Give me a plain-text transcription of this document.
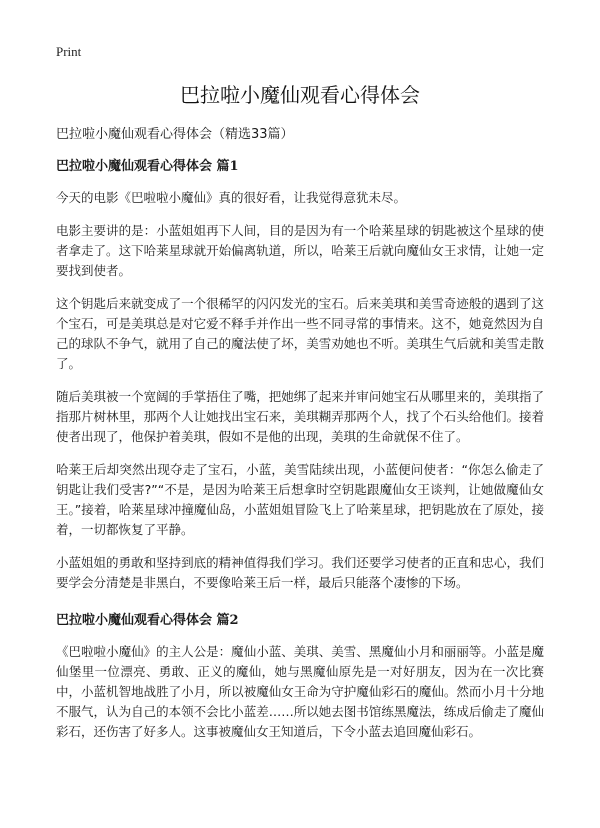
Print
巴拉啦小魔仙观看心得体会
巴拉啦小魔仙观看心得体会（精选33篇）
巴拉啦小魔仙观看心得体会 篇1

今天的电影《巴啦啦小魔仙》真的很好看，让我觉得意犹未尽。

电影主要讲的是：小蓝姐姐再下人间，目的是因为有一个哈莱星球的钥匙被这个星球的使者拿走了。这下哈莱星球就开始偏离轨道，所以，哈莱王后就向魔仙女王求情，让她一定要找到使者。

这个钥匙后来就变成了一个很稀罕的闪闪发光的宝石。后来美琪和美雪奇迹般的遇到了这个宝石，可是美琪总是对它爱不释手并作出一些不同寻常的事情来。这不，她竟然因为自己的球队不争气，就用了自己的魔法使了坏，美雪劝她也不听。美琪生气后就和美雪走散了。

随后美琪被一个宽阔的手掌捂住了嘴，把她绑了起来并审问她宝石从哪里来的，美琪指了指那片树林里，那两个人让她找出宝石来，美琪糊弄那两个人，找了个石头给他们。接着使者出现了，他保护着美琪，假如不是他的出现，美琪的生命就保不住了。

哈莱王后却突然出现夺走了宝石，小蓝，美雪陆续出现，小蓝便问使者：“你怎么偷走了钥匙让我们受害?”“不是，是因为哈莱王后想拿时空钥匙跟魔仙女王谈判，让她做魔仙女王。”接着，哈莱星球冲撞魔仙岛，小蓝姐姐冒险飞上了哈莱星球，把钥匙放在了原处，接着，一切都恢复了平静。

小蓝姐姐的勇敢和坚持到底的精神值得我们学习。我们还要学习使者的正直和忠心，我们要学会分清楚是非黑白，不要像哈莱王后一样，最后只能落个凄惨的下场。

巴拉啦小魔仙观看心得体会 篇2

《巴啦啦小魔仙》的主人公是：魔仙小蓝、美琪、美雪、黑魔仙小月和丽丽等。小蓝是魔仙堡里一位漂亮、勇敢、正义的魔仙，她与黑魔仙原先是一对好朋友，因为在一次比赛中，小蓝机智地战胜了小月，所以被魔仙女王命为守护魔仙彩石的魔仙。然而小月十分地不服气，认为自己的本领不会比小蓝差……所以她去图书馆练黑魔法，练成后偷走了魔仙彩石，还伤害了好多人。这事被魔仙女王知道后，下令小蓝去追回魔仙彩石。
